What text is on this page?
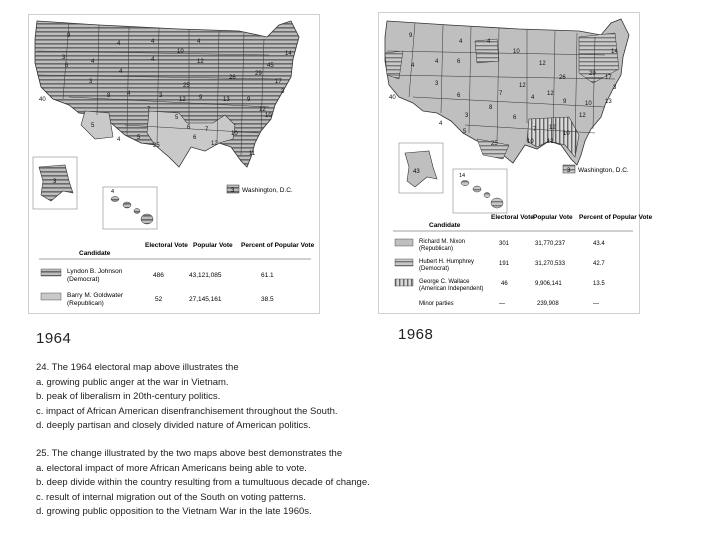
9
4	4
10
4
3
6
4	4
4
3
12
14
40
5
8	4	3
26
29
25
45
17
3
7
12 9	13	9
12
5
5
4
6 7
10
25
6
12
11
10
3
4	3 Washington, D.C.
Candidate
Electoral Vote Popular Vote Percent of Popular Vote
Lyndon B. Johnson
(Democrat)
486	43,121,085	61.1
Barry M. Goldwater
(Republican)
52	27,145,161	38.5
9
4	4
10
6	12
14
4
4
3
6	7
12
26
29
17
3
8
4
12
9	10 13
3
4
6
7 12
40
5
25	10 12
10
12
14
43	3 Washington, D.C.
Candidate
Electoral Vote Popular Vote Percent of Popular Vote
Richard M. Nixon
(Republican)
301	31,770,237	43.4
Hubert H. Humphrey
(Democrat)
191	31,270,533	42.7
George C. Wallace
(American Independent)
46	9,906,141	13.5
Minor parties	—	239,908	—
1964	1968
24. The 1964 electoral map above illustrates the
a. growing public anger at the war in Vietnam.
b. peak of liberalism in 20th-century politics.
c. impact of African American disenfranchisement throughout the South.
d. deeply partisan and closely divided nature of American politics.
25. The change illustrated by the two maps above best demonstrates the
a. electoral impact of more African Americans being able to vote.
b. deep divide within the country resulting from a tumultuous decade of change.
c. result of internal migration out of the South on voting patterns.
d. growing public opposition to the Vietnam War in the late 1960s.
